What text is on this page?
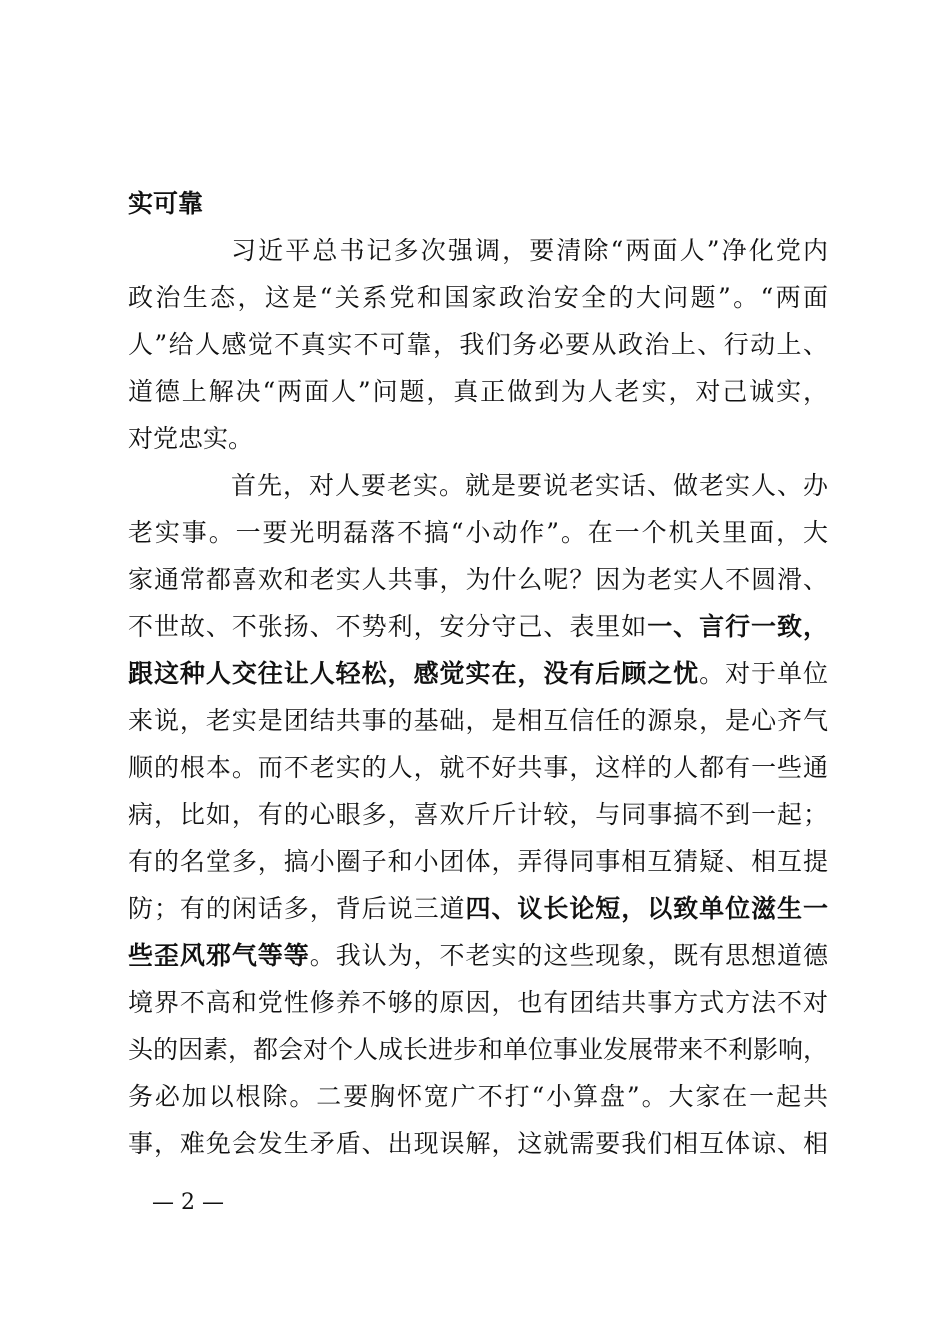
实可靠
习近平总书记多次强调，要清除“两面人”净化党内
政治生态，这是“关系党和国家政治安全的大问题”。“两面
人”给人感觉不真实不可靠，我们务必要从政治上、行动上、
道德上解决“两面人”问题，真正做到为人老实，对己诚实，
对党忠实。
首先，对人要老实。就是要说老实话、做老实人、办
老实事。一要光明磊落不搞“小动作”。在一个机关里面，大
家通常都喜欢和老实人共事，为什么呢？因为老实人不圆滑、
不世故、不张扬、不势利，安分守己、表里如一、言行一致，
跟这种人交往让人轻松，感觉实在，没有后顾之忧。对于单位
来说，老实是团结共事的基础，是相互信任的源泉，是心齐气
顺的根本。而不老实的人，就不好共事，这样的人都有一些通
病，比如，有的心眼多，喜欢斤斤计较，与同事搞不到一起；
有的名堂多，搞小圈子和小团体，弄得同事相互猜疑、相互提
防；有的闲话多，背后说三道四、议长论短，以致单位滋生一
些歪风邪气等等。我认为，不老实的这些现象，既有思想道德
境界不高和党性修养不够的原因，也有团结共事方式方法不对
头的因素，都会对个人成长进步和单位事业发展带来不利影响，
务必加以根除。二要胸怀宽广不打“小算盘”。大家在一起共
事，难免会发生矛盾、出现误解，这就需要我们相互体谅、相
— 2 —
